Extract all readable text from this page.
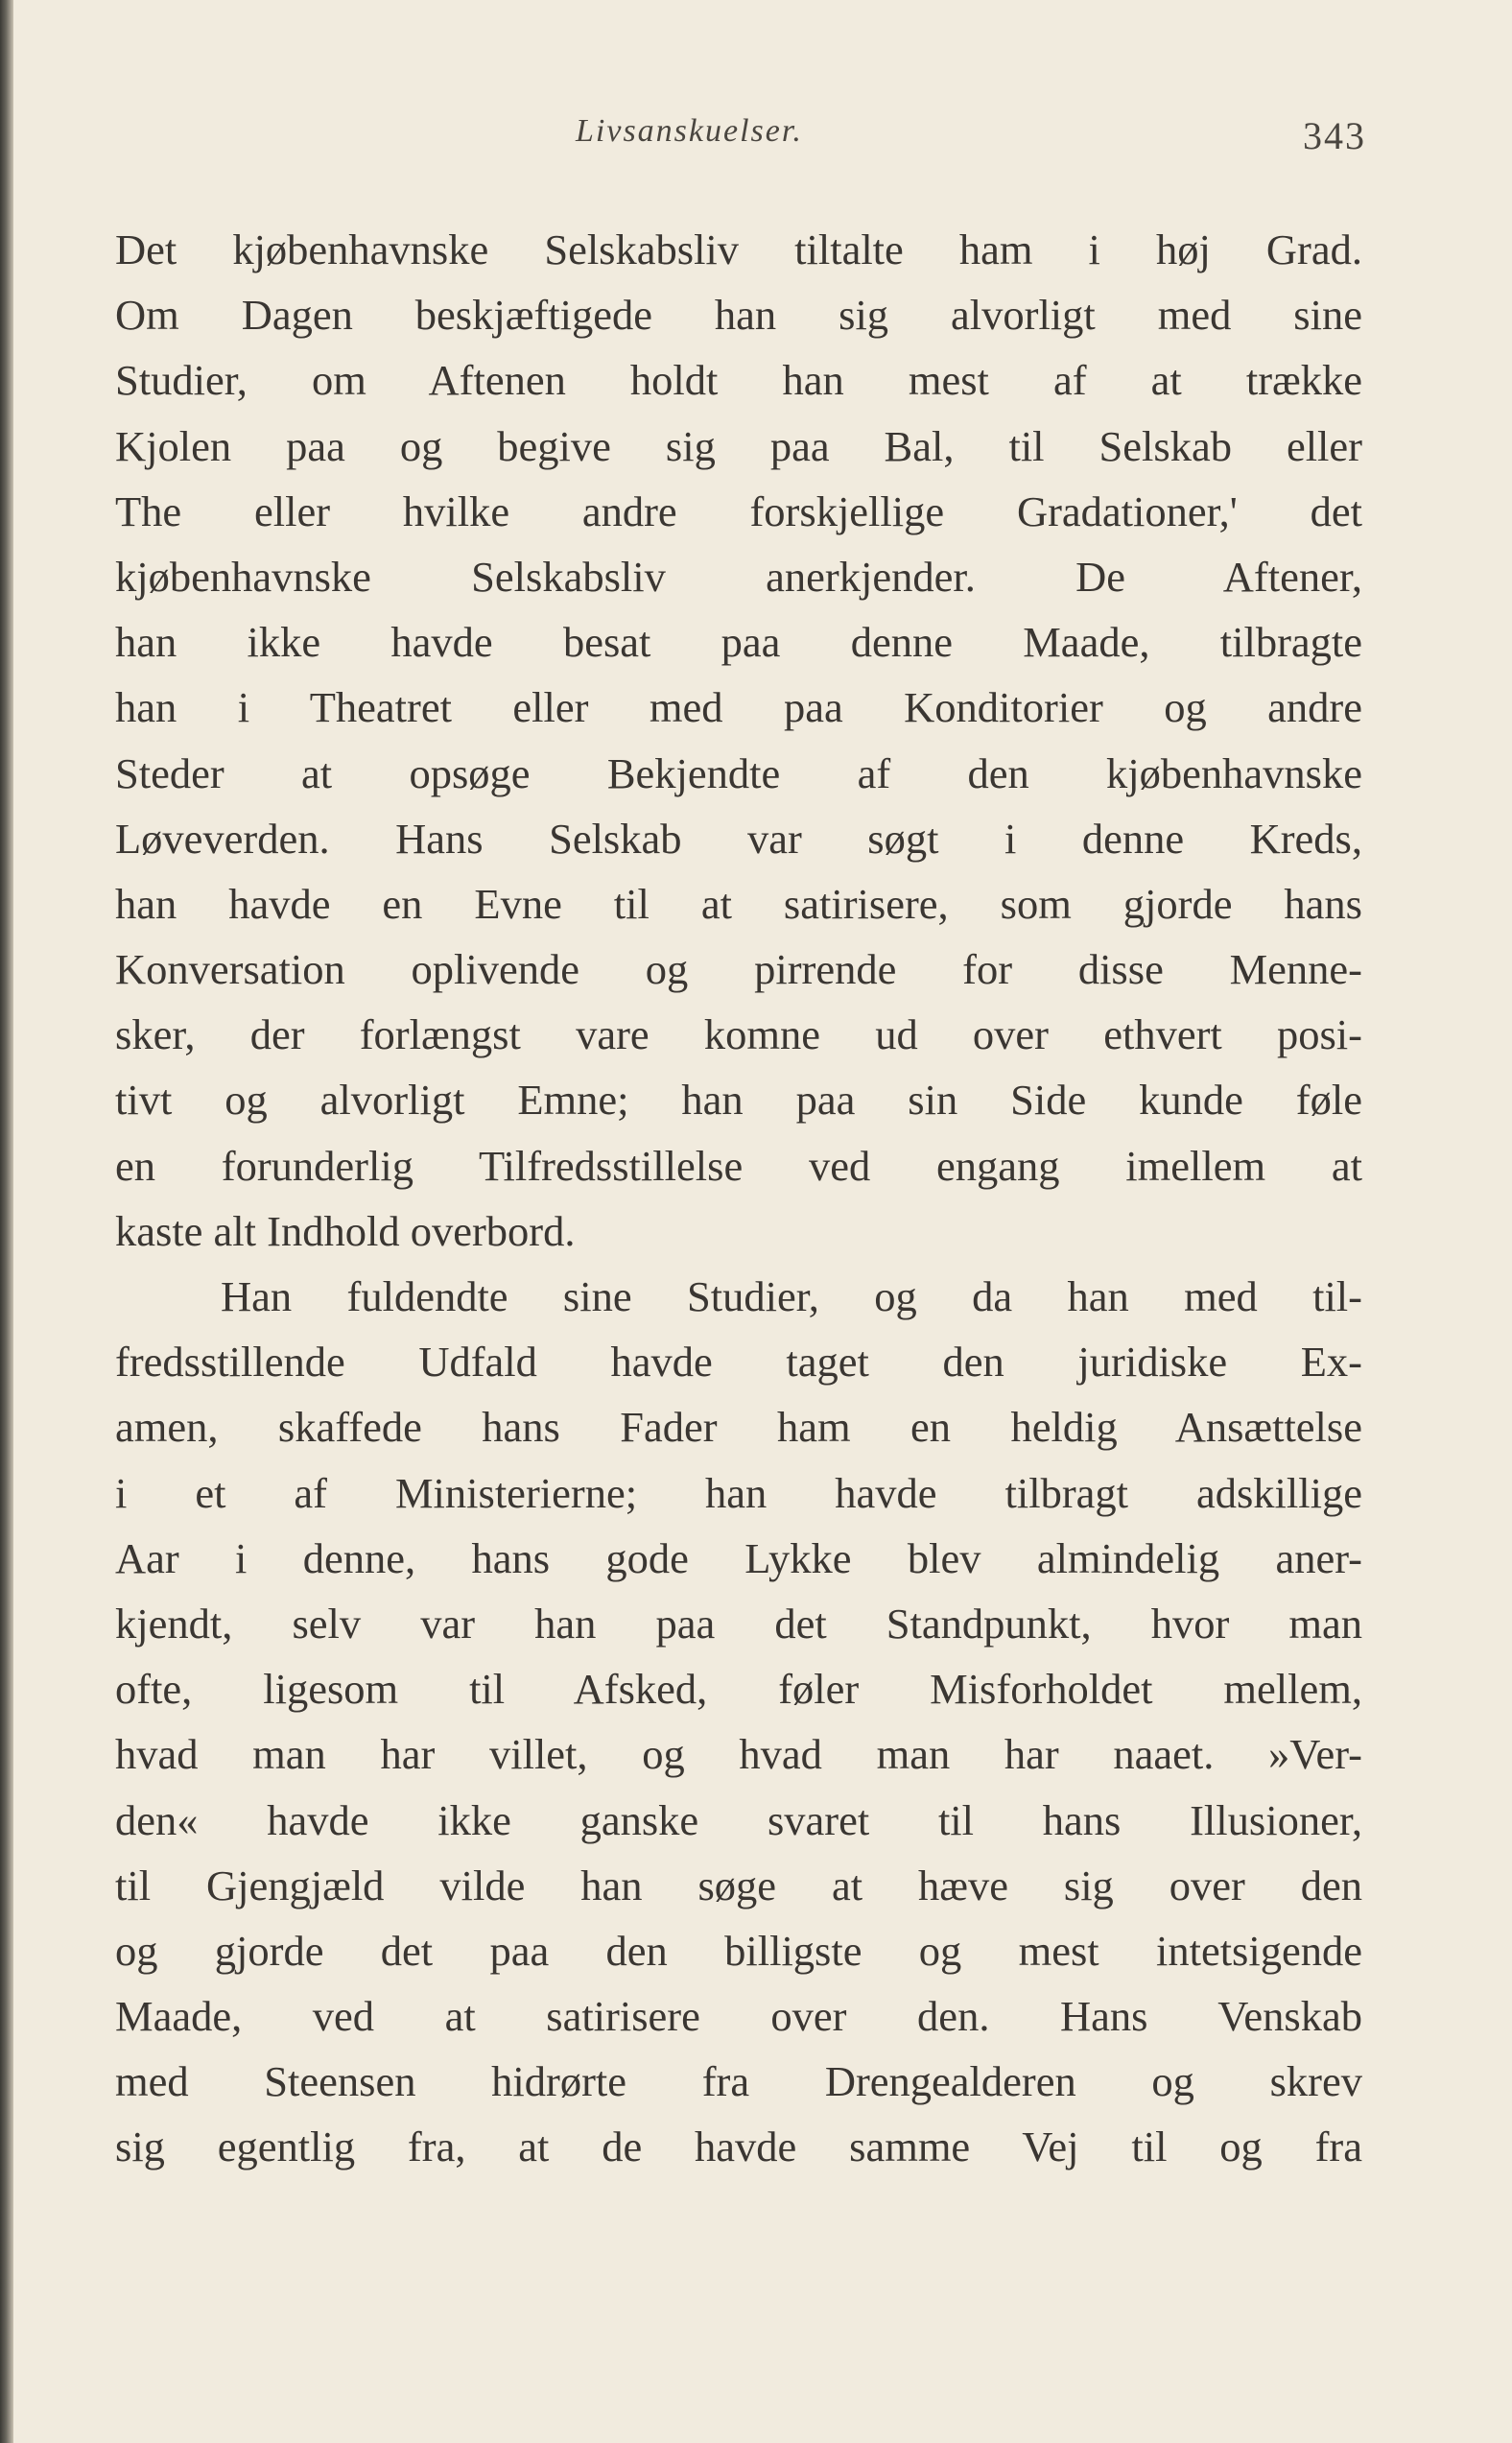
Livsanskuelser.	343
Det kjøbenhavnske Selskabsliv tiltalte ham i høj Grad.
Om Dagen beskjæftigede han sig alvorligt med sine
Studier, om Aftenen holdt han mest af at trække
Kjolen paa og begive sig paa Bal, til Selskab eller
The eller hvilke andre forskjellige Gradationer,' det
kjøbenhavnske Selskabsliv anerkjender. De Aftener,
han ikke havde besat paa denne Maade, tilbragte
han i Theatret eller med paa Konditorier og andre
Steder at opsøge Bekjendte af den kjøbenhavnske
Løveverden. Hans Selskab var søgt i denne Kreds,
han havde en Evne til at satirisere, som gjorde hans
Konversation oplivende og pirrende for disse Menne-
sker, der forlængst vare komne ud over ethvert posi-
tivt og alvorligt Emne; han paa sin Side kunde føle
en forunderlig Tilfredsstillelse ved engang imellem at
kaste alt Indhold overbord.
Han fuldendte sine Studier, og da han med til-
fredsstillende Udfald havde taget den juridiske Ex-
amen, skaffede hans Fader ham en heldig Ansættelse
i et af Ministerierne; han havde tilbragt adskillige
Aar i denne, hans gode Lykke blev almindelig aner-
kjendt, selv var han paa det Standpunkt, hvor man
ofte, ligesom til Afsked, føler Misforholdet mellem,
hvad man har villet, og hvad man har naaet. »Ver-
den« havde ikke ganske svaret til hans Illusioner,
til Gjengjæld vilde han søge at hæve sig over den
og gjorde det paa den billigste og mest intetsigende
Maade, ved at satirisere over den. Hans Venskab
med Steensen hidrørte fra Drengealderen og skrev
sig egentlig fra, at de havde samme Vej til og fra
